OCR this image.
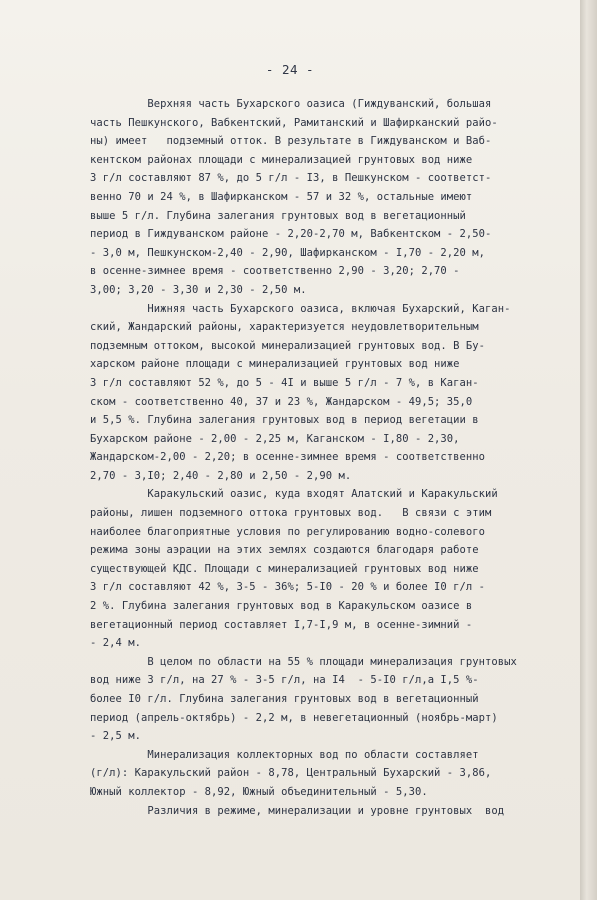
- 24 -
Верхняя часть Бухарского оазиса (Гиждуванский, большая
часть Пешкунского, Вабкентский, Рамитанский и Шафирканский райо-
ны) имеет   подземный отток. В результате в Гиждуванском и Ваб-
кентском районах площади с минерализацией грунтовых вод ниже
3 г/л составляют 87 %, до 5 г/л - I3, в Пешкунском - соответст-
венно 70 и 24 %, в Шафирканском - 57 и 32 %, остальные имеют
выше 5 г/л. Глубина залегания грунтовых вод в вегетационный
период в Гиждуванском районе - 2,20-2,70 м, Вабкентском - 2,50-
- 3,0 м, Пешкунском-2,40 - 2,90, Шафирканском - I,70 - 2,20 м,
в осенне-зимнее время - соответственно 2,90 - 3,20; 2,70 -
3,00; 3,20 - 3,30 и 2,30 - 2,50 м.
Нижняя часть Бухарского оазиса, включая Бухарский, Каган-
ский, Жандарский районы, характеризуется неудовлетворительным
подземным оттоком, высокой минерализацией грунтовых вод. В Бу-
харском районе площади с минерализацией грунтовых вод ниже
3 г/л составляют 52 %, до 5 - 4I и выше 5 г/л - 7 %, в Каган-
ском - соответственно 40, 37 и 23 %, Жандарском - 49,5; 35,0
и 5,5 %. Глубина залегания грунтовых вод в период вегетации в
Бухарском районе - 2,00 - 2,25 м, Каганском - I,80 - 2,30,
Жандарском-2,00 - 2,20; в осенне-зимнее время - соответственно
2,70 - 3,I0; 2,40 - 2,80 и 2,50 - 2,90 м.
Каракульский оазис, куда входят Алатский и Каракульский
районы, лишен подземного оттока грунтовых вод.   В связи с этим
наиболее благоприятные условия по регулированию водно-солевого
режима зоны аэрации на этих землях создаются благодаря работе
существующей КДС. Площади с минерализацией грунтовых вод ниже
3 г/л составляют 42 %, 3-5 - 36%; 5-I0 - 20 % и более I0 г/л -
2 %. Глубина залегания грунтовых вод в Каракульском оазисе в
вегетационный период составляет I,7-I,9 м, в осенне-зимний -
- 2,4 м.
В целом по области на 55 % площади минерализация грунтовых
вод ниже 3 г/л, на 27 % - 3-5 г/л, на I4  - 5-I0 г/л,а I,5 %-
более I0 г/л. Глубина залегания грунтовых вод в вегетационный
период (апрель-октябрь) - 2,2 м, в невегетационный (ноябрь-март)
- 2,5 м.
Минерализация коллекторных вод по области составляет
(г/л): Каракульский район - 8,78, Центральный Бухарский - 3,86,
Южный коллектор - 8,92, Южный объединительный - 5,30.
Различия в режиме, минерализации и уровне грунтовых  вод
